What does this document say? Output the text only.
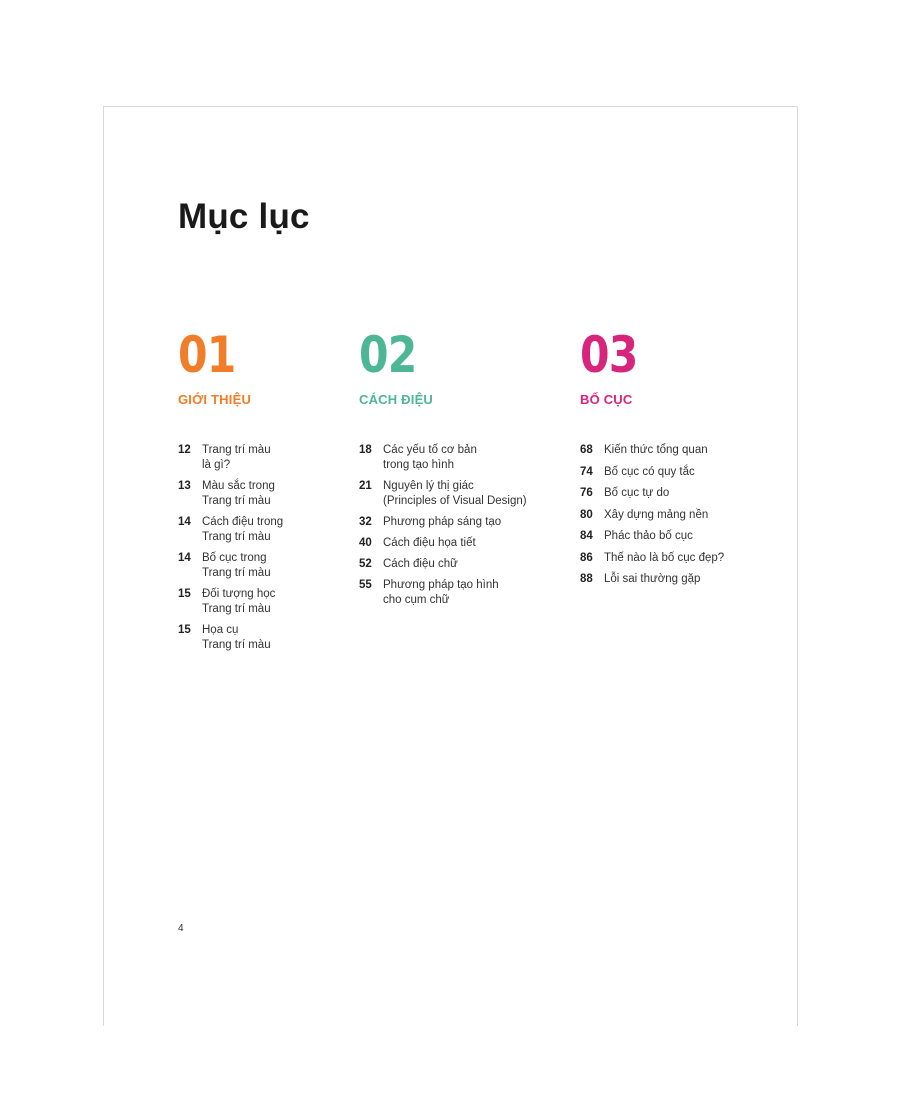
Mục lục
01
GIỚI THIỆU
12 Trang trí màu
là gì?
13 Màu sắc trong
Trang trí màu
14 Cách điệu trong
Trang trí màu
14 Bố cục trong
Trang trí màu
15 Đối tượng học
Trang trí màu
15 Họa cụ
Trang trí màu
02
CÁCH ĐIỆU
18 Các yếu tố cơ bản
trong tạo hình
21 Nguyên lý thị giác
(Principles of Visual Design)
32 Phương pháp sáng tạo
40 Cách điệu họa tiết
52 Cách điệu chữ
55 Phương pháp tạo hình
cho cụm chữ
03
BỐ CỤC
68 Kiến thức tổng quan
74 Bố cục có quy tắc
76 Bố cục tự do
80 Xây dựng mảng nền
84 Phác thảo bố cục
86 Thế nào là bố cục đẹp?
88 Lỗi sai thường gặp
4
